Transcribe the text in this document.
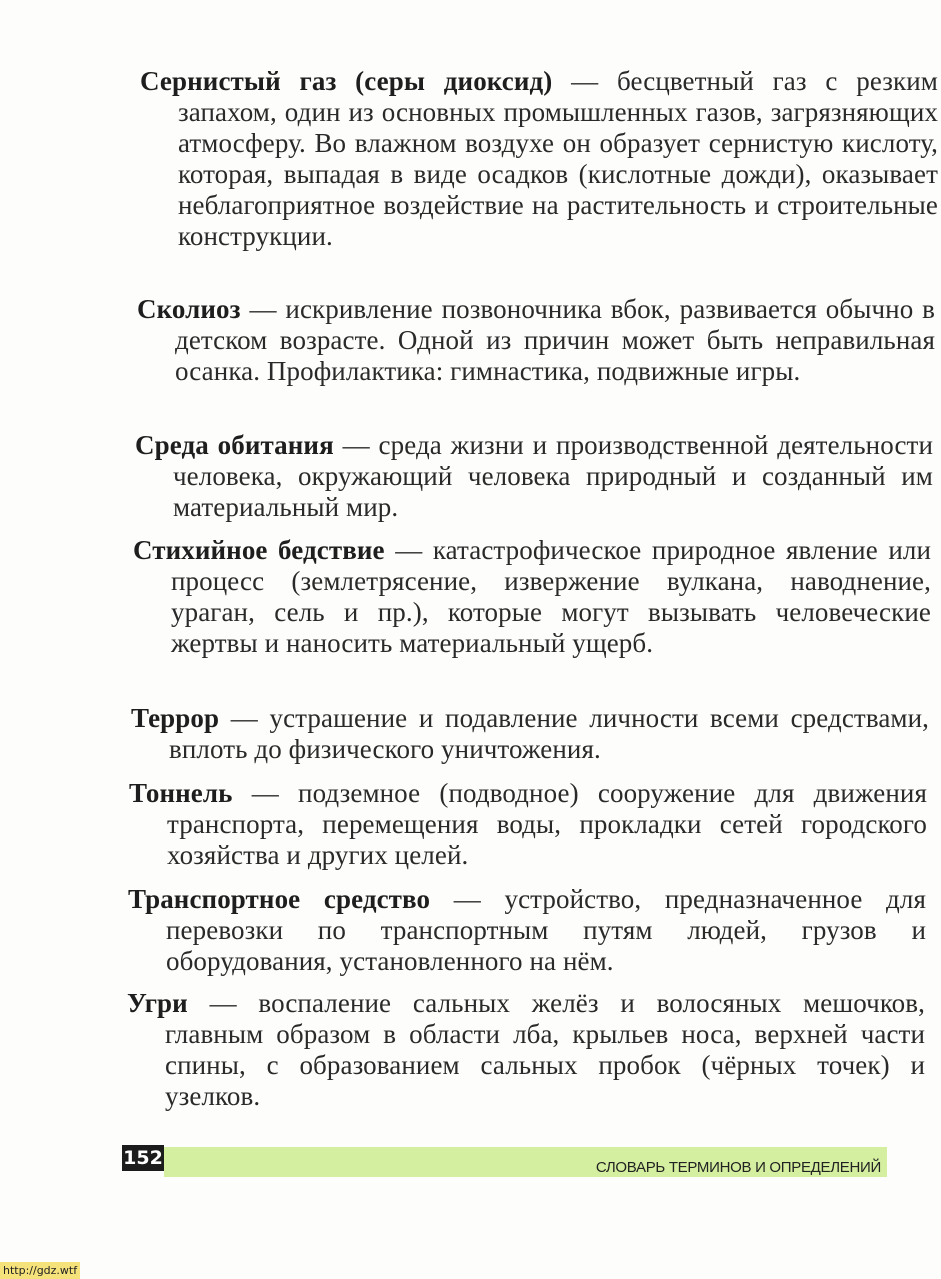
Сернистый газ (серы диоксид) — бесцветный газ с резким запахом, один из основных промышленных газов, загрязняющих атмосферу. Во влажном воздухе он образует сернистую кислоту, которая, выпадая в виде осадков (кислотные дожди), оказывает неблагоприятное воздействие на растительность и строительные конструкции.

Сколиоз — искривление позвоночника вбок, развивается обычно в детском возрасте. Одной из причин может быть неправильная осанка. Профилактика: гимнастика, подвижные игры.

Среда обитания — среда жизни и производственной деятельности человека, окружающий человека природный и созданный им материальный мир.

Стихийное бедствие — катастрофическое природное явление или процесс (землетрясение, извержение вулкана, наводнение, ураган, сель и пр.), которые могут вызывать человеческие жертвы и наносить материальный ущерб.

Террор — устрашение и подавление личности всеми средствами, вплоть до физического уничтожения.

Тоннель — подземное (подводное) сооружение для движения транспорта, перемещения воды, прокладки сетей городского хозяйства и других целей.

Транспортное средство — устройство, предназначенное для перевозки по транспортным путям людей, грузов и оборудования, установленного на нём.

Угри — воспаление сальных желёз и волосяных мешочков, главным образом в области лба, крыльев носа, верхней части спины, с образованием сальных пробок (чёрных точек) и узелков.

152	СЛОВАРЬ ТЕРМИНОВ И ОПРЕДЕЛЕНИЙ
http://gdz.wtf
